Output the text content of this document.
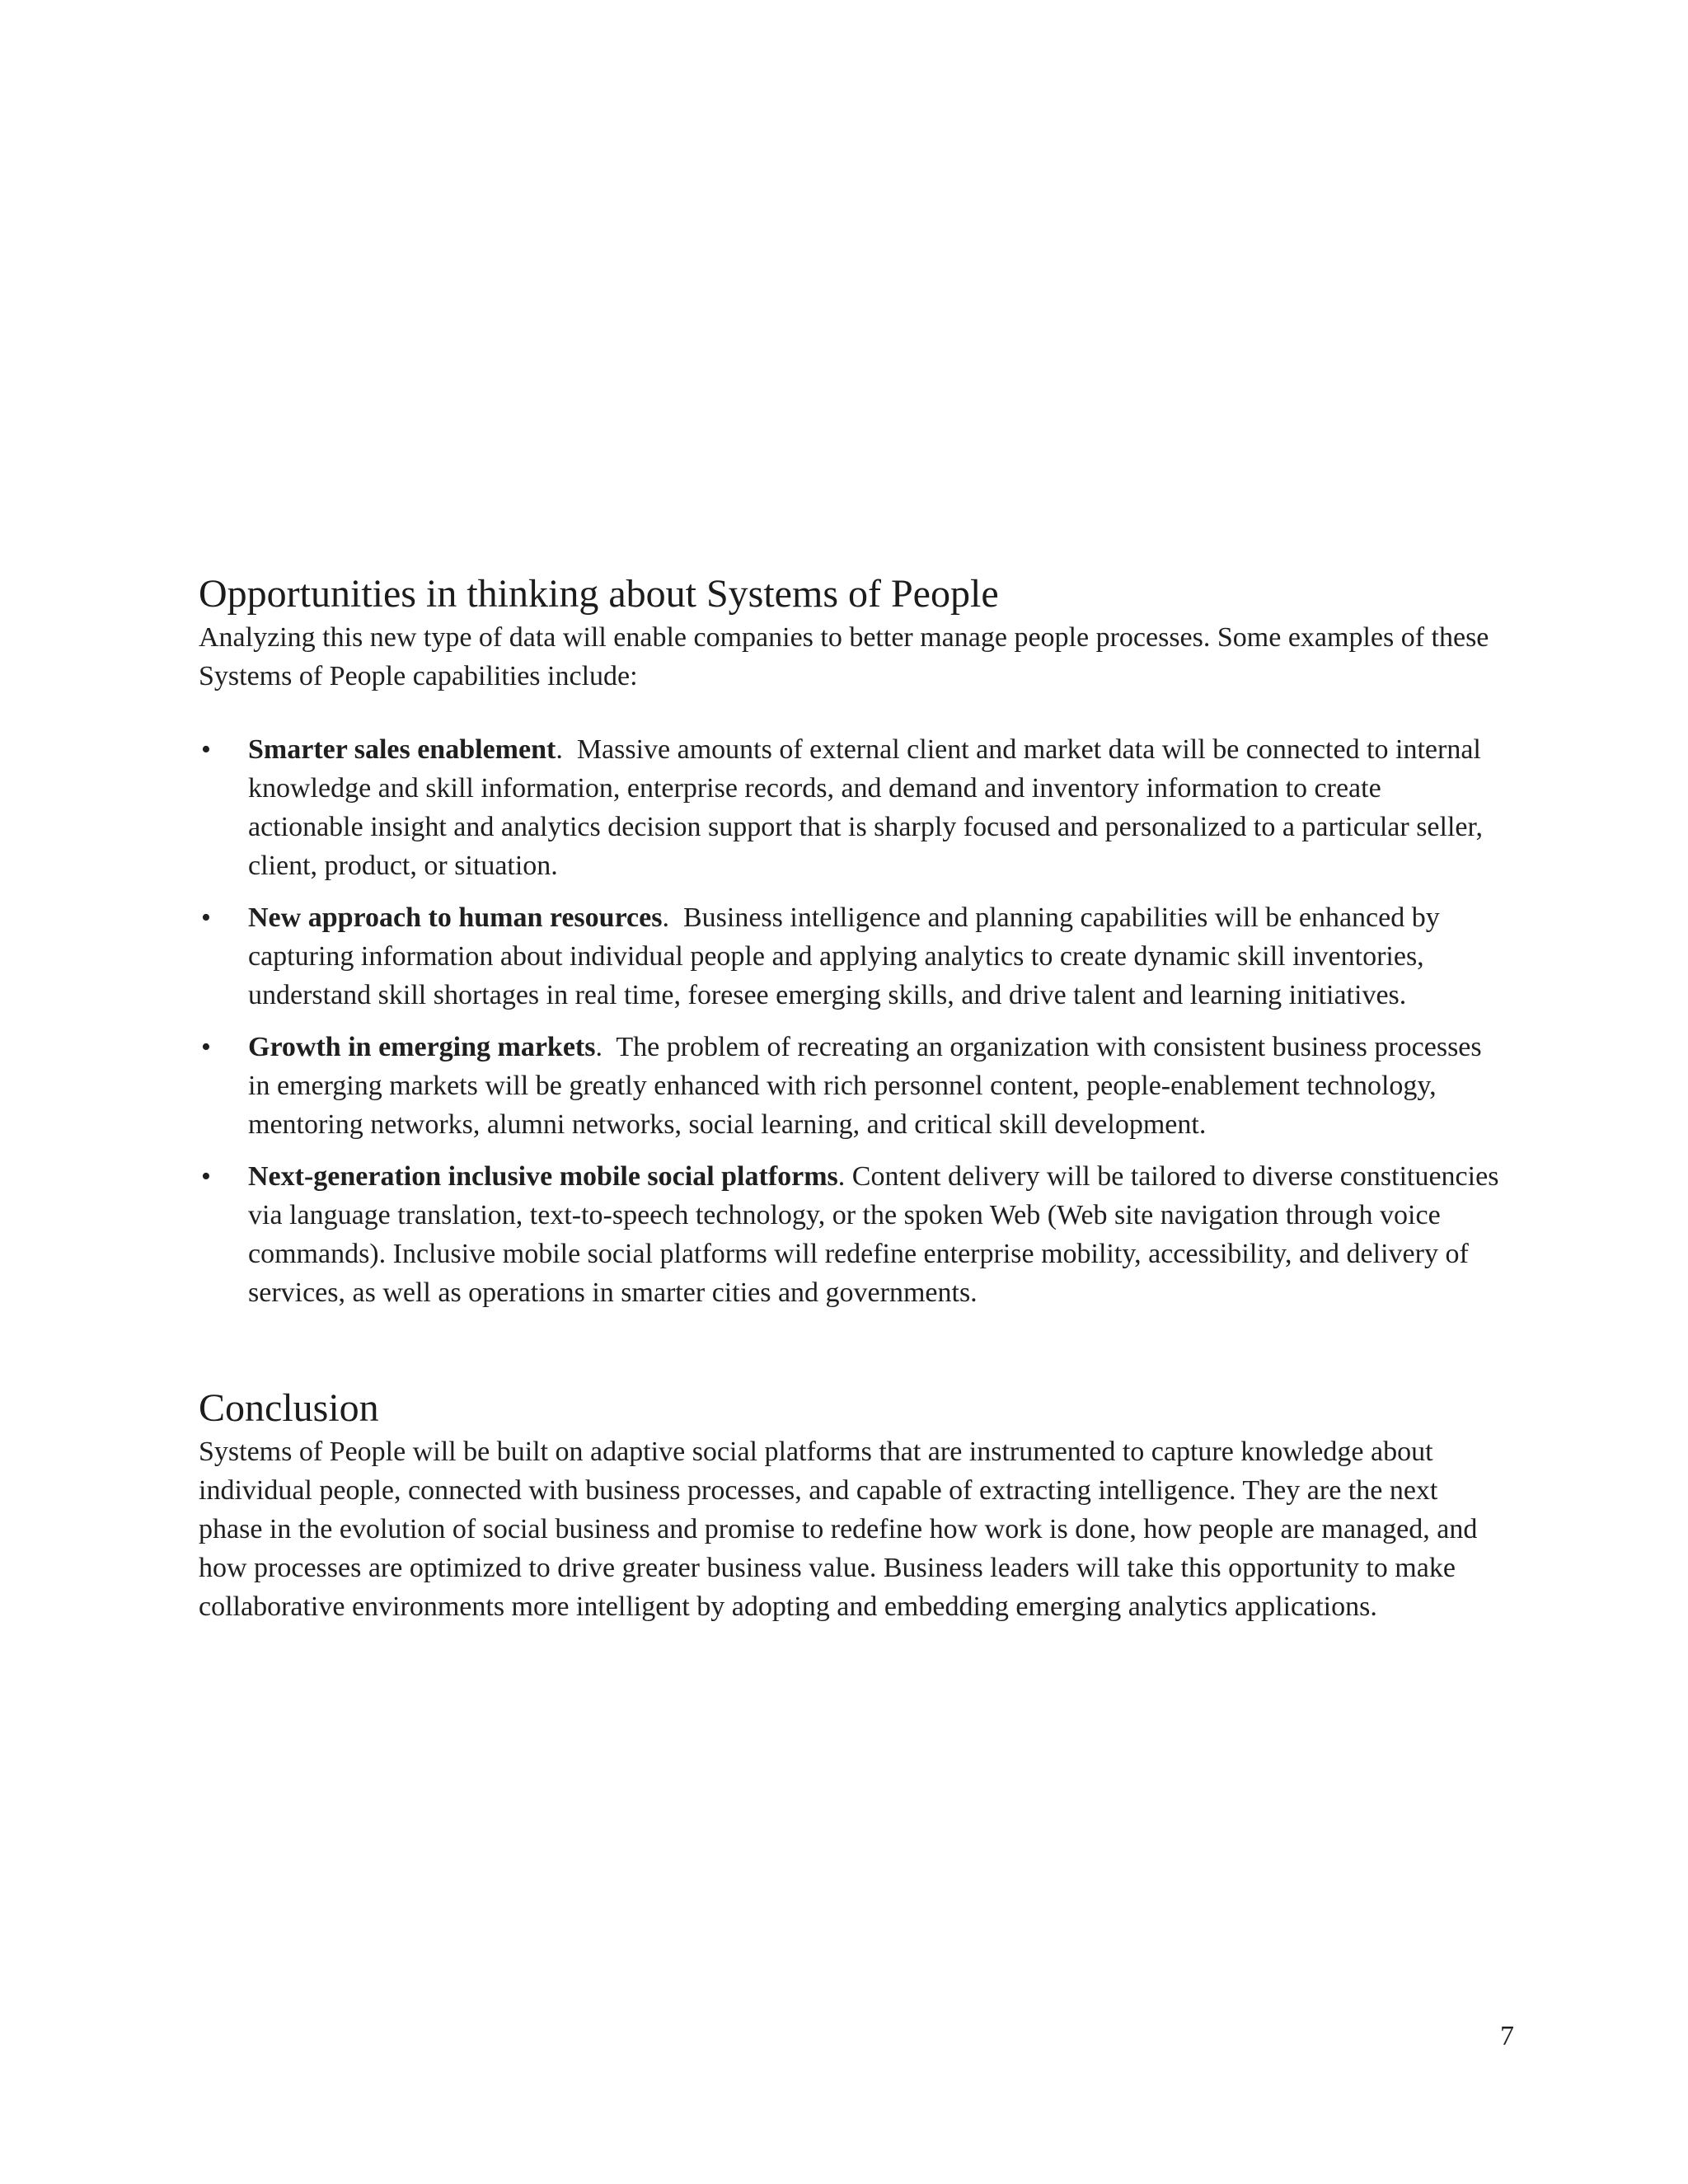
Opportunities in thinking about Systems of People

Analyzing this new type of data will enable companies to better manage people processes. Some examples of these Systems of People capabilities include:

• Smarter sales enablement.  Massive amounts of external client and market data will be connected to internal knowledge and skill information, enterprise records, and demand and inventory information to create actionable insight and analytics decision support that is sharply focused and personalized to a particular seller, client, product, or situation.
• New approach to human resources.  Business intelligence and planning capabilities will be enhanced by capturing information about individual people and applying analytics to create dynamic skill inventories, understand skill shortages in real time, foresee emerging skills, and drive talent and learning initiatives.
• Growth in emerging markets.  The problem of recreating an organization with consistent business processes in emerging markets will be greatly enhanced with rich personnel content, people-enablement technology, mentoring networks, alumni networks, social learning, and critical skill development.
• Next-generation inclusive mobile social platforms. Content delivery will be tailored to diverse constituencies via language translation, text-to-speech technology, or the spoken Web (Web site navigation through voice commands). Inclusive mobile social platforms will redefine enterprise mobility, accessibility, and delivery of services, as well as operations in smarter cities and governments.
Conclusion

Systems of People will be built on adaptive social platforms that are instrumented to capture knowledge about individual people, connected with business processes, and capable of extracting intelligence. They are the next phase in the evolution of social business and promise to redefine how work is done, how people are managed, and how processes are optimized to drive greater business value. Business leaders will take this opportunity to make collaborative environments more intelligent by adopting and embedding emerging analytics applications.

7
